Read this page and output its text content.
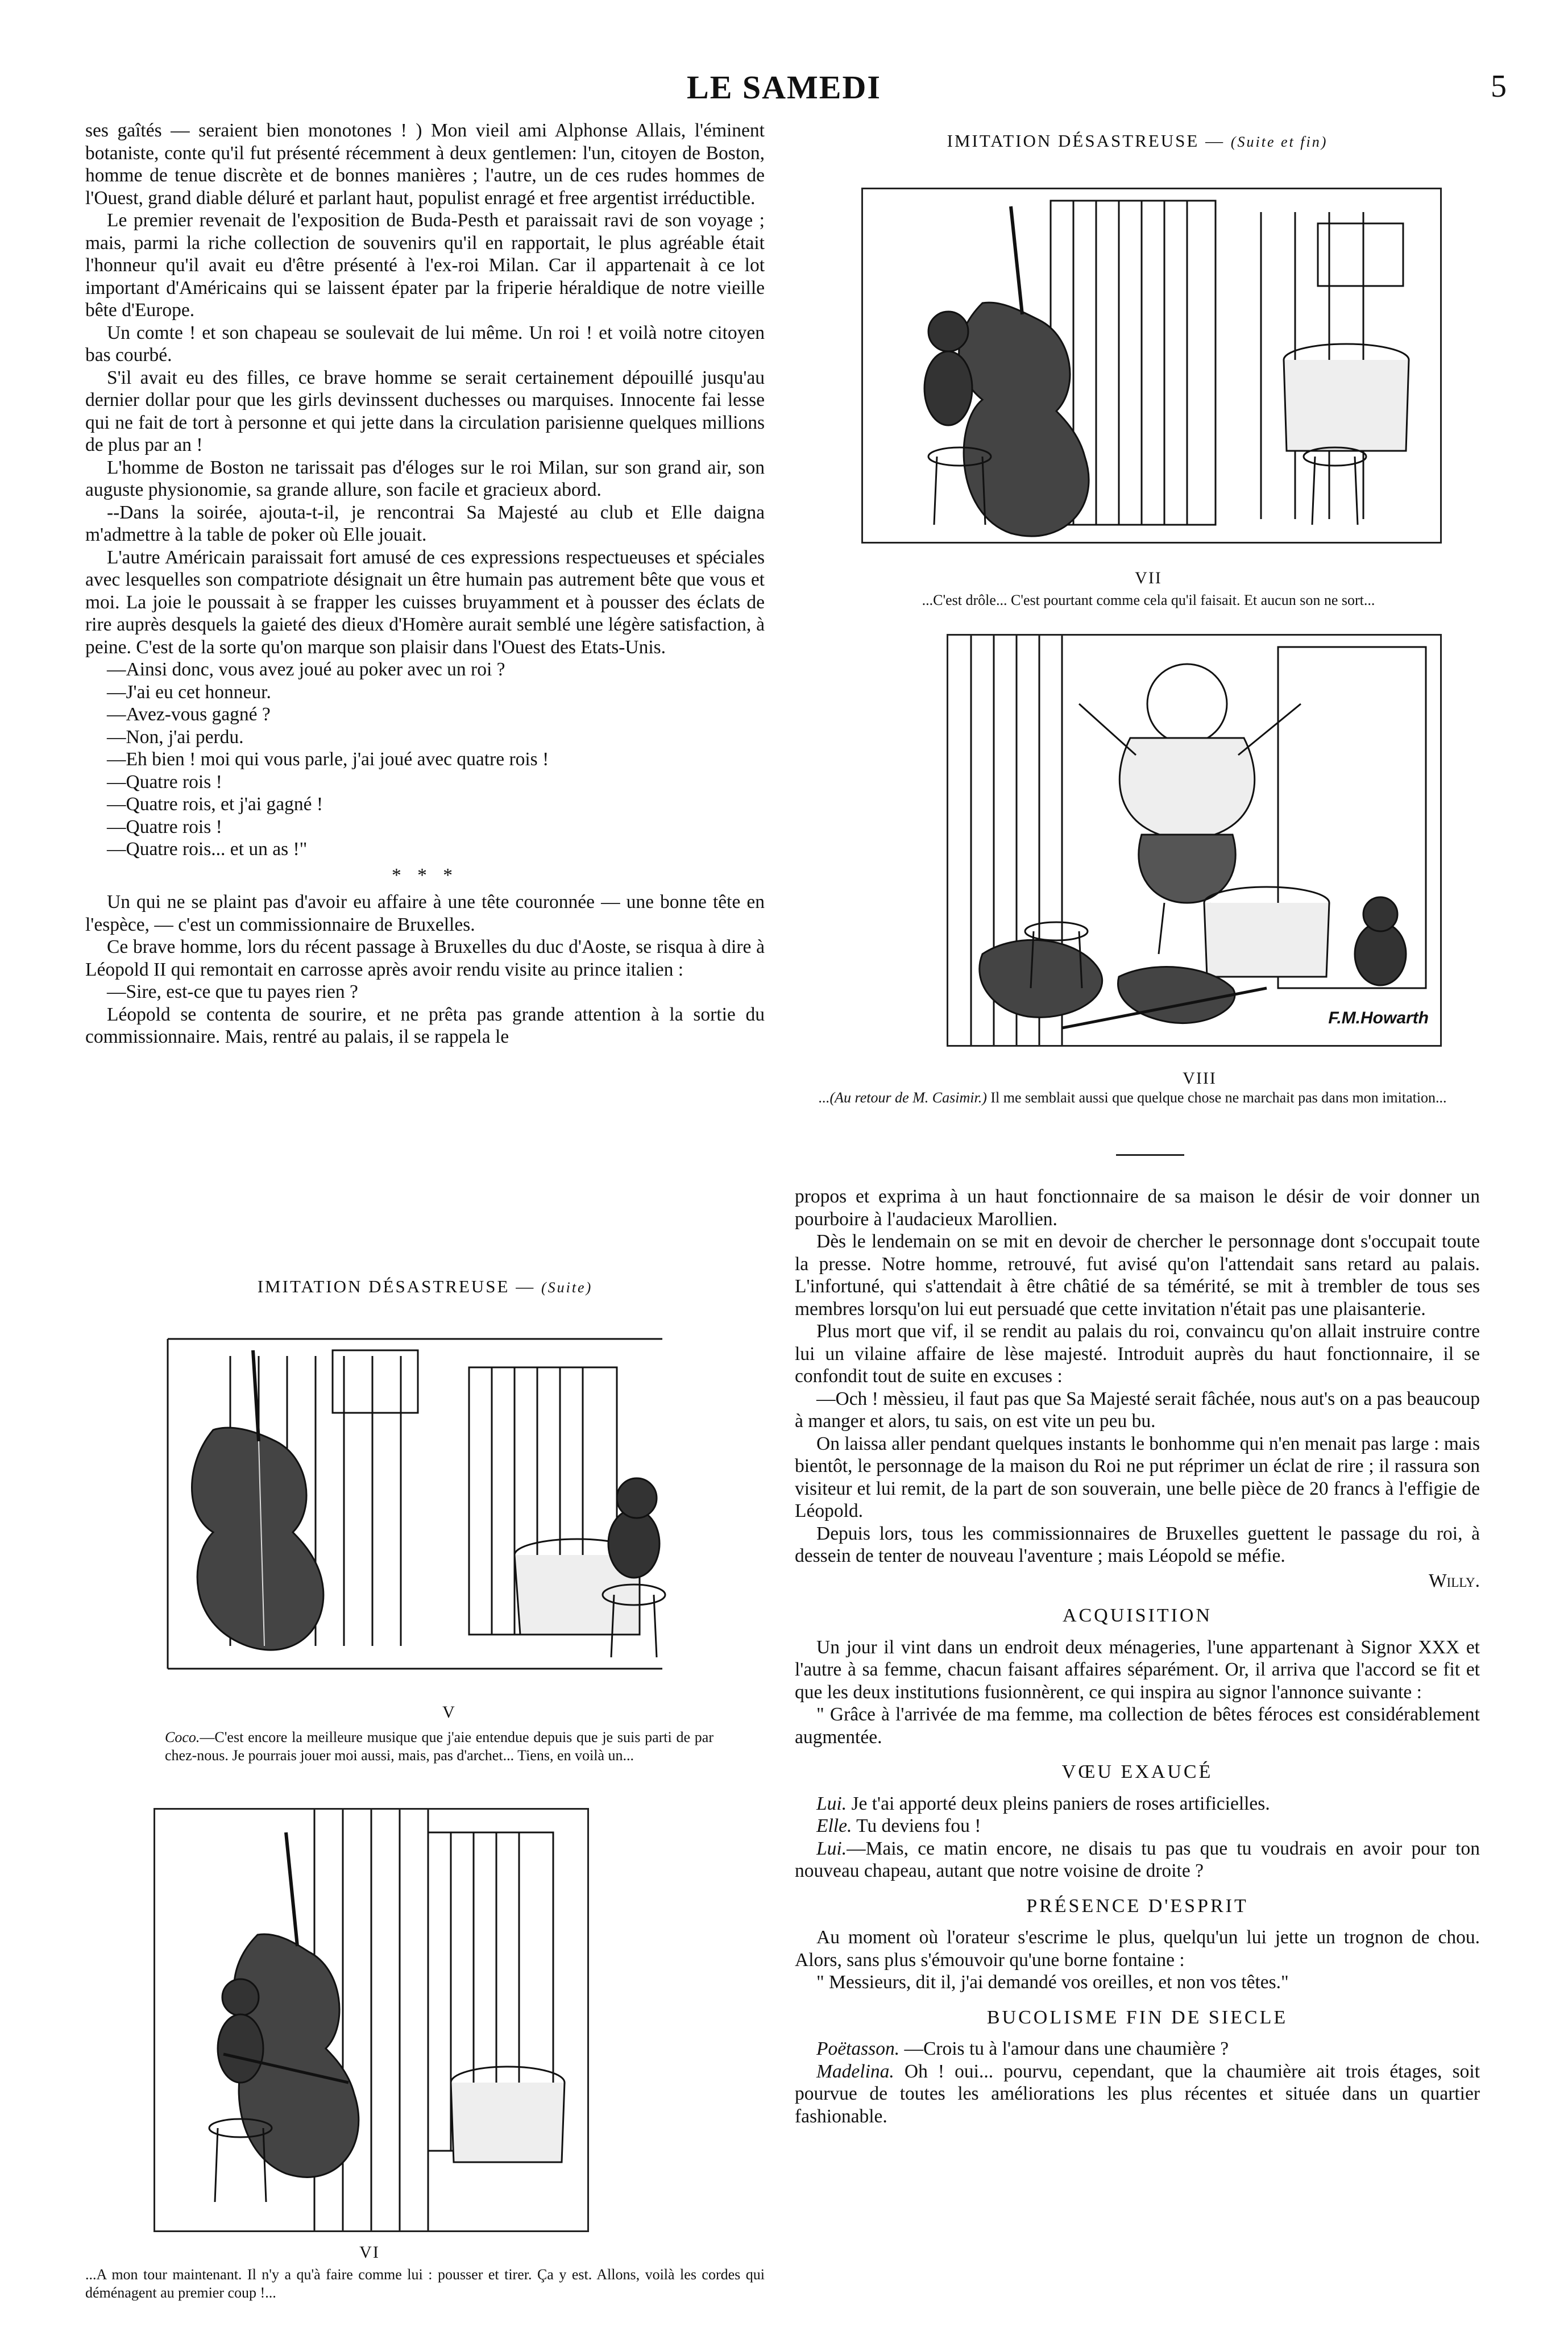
LE SAMEDI	5

ses gaîtés — seraient bien monotones ! ) Mon vieil ami Alphonse Allais, l'éminent botaniste, conte qu'il fut présenté récemment à deux gentlemen: l'un, citoyen de Boston, homme de tenue discrète et de bonnes manières ; l'autre, un de ces rudes hommes de l'Ouest, grand diable déluré et parlant haut, populist enragé et free argentist irréductible.

Le premier revenait de l'exposition de Buda-Pesth et paraissait ravi de son voyage ; mais, parmi la riche collection de souvenirs qu'il en rapportait, le plus agréable était l'honneur qu'il avait eu d'être présenté à l'ex-roi Milan. Car il appartenait à ce lot important d'Américains qui se laissent épater par la friperie héraldique de notre vieille bête d'Europe.

Un comte ! et son chapeau se soulevait de lui même. Un roi ! et voilà notre citoyen bas courbé.

S'il avait eu des filles, ce brave homme se serait certainement dépouillé jusqu'au dernier dollar pour que les girls devinssent duchesses ou marquises. Innocente fai lesse qui ne fait de tort à personne et qui jette dans la circulation parisienne quelques millions de plus par an !

L'homme de Boston ne tarissait pas d'éloges sur le roi Milan, sur son grand air, son auguste physionomie, sa grande allure, son facile et gracieux abord.

--Dans la soirée, ajouta-t-il, je rencontrai Sa Majesté au club et Elle daigna m'admettre à la table de poker où Elle jouait.

L'autre Américain paraissait fort amusé de ces expressions respectueuses et spéciales avec lesquelles son compatriote désignait un être humain pas autrement bête que vous et moi. La joie le poussait à se frapper les cuisses bruyamment et à pousser des éclats de rire auprès desquels la gaieté des dieux d'Homère aurait semblé une légère satisfaction, à peine. C'est de la sorte qu'on marque son plaisir dans l'Ouest des Etats-Unis.

—Ainsi donc, vous avez joué au poker avec un roi ?

—J'ai eu cet honneur.

—Avez-vous gagné ?

—Non, j'ai perdu.

—Eh bien ! moi qui vous parle, j'ai joué avec quatre rois !

—Quatre rois !

—Quatre rois, et j'ai gagné !

—Quatre rois !

—Quatre rois... et un as !"

* * *

Un qui ne se plaint pas d'avoir eu affaire à une tête couronnée — une bonne tête en l'espèce, — c'est un commissionnaire de Bruxelles.

Ce brave homme, lors du récent passage à Bruxelles du duc d'Aoste, se risqua à dire à Léopold II qui remontait en carrosse après avoir rendu visite au prince italien :

—Sire, est-ce que tu payes rien ?

Léopold se contenta de sourire, et ne prêta pas grande attention à la sortie du commissionnaire. Mais, rentré au palais, il se rappela le

IMITATION DÉSASTREUSE — (Suite)

V
Coco.—C'est encore la meilleure musique que j'aie entendue depuis que je suis parti de par chez-nous. Je pourrais jouer moi aussi, mais, pas d'archet... Tiens, en voilà un...
VI
...A mon tour maintenant. Il n'y a qu'à faire comme lui : pousser et tirer. Ça y est. Allons, voilà les cordes qui déménagent au premier coup !...

IMITATION DÉSASTREUSE — (Suite et fin)

VII
...C'est drôle... C'est pourtant comme cela qu'il faisait. Et aucun son ne sort...
F.M.Howarth
VIII
...(Au retour de M. Casimir.) Il me semblait aussi que quelque chose ne marchait pas dans mon imitation...

propos et exprima à un haut fonctionnaire de sa maison le désir de voir donner un pourboire à l'audacieux Marollien.

Dès le lendemain on se mit en devoir de chercher le personnage dont s'occupait toute la presse. Notre homme, retrouvé, fut avisé qu'on l'attendait sans retard au palais. L'infortuné, qui s'attendait à être châtié de sa témérité, se mit à trembler de tous ses membres lorsqu'on lui eut persuadé que cette invitation n'était pas une plaisanterie.

Plus mort que vif, il se rendit au palais du roi, convaincu qu'on allait instruire contre lui un vilaine affaire de lèse majesté. Introduit auprès du haut fonctionnaire, il se confondit tout de suite en excuses :

—Och ! mèssieu, il faut pas que Sa Majesté serait fâchée, nous aut's on a pas beaucoup à manger et alors, tu sais, on est vite un peu bu.

On laissa aller pendant quelques instants le bonhomme qui n'en menait pas large : mais bientôt, le personnage de la maison du Roi ne put réprimer un éclat de rire ; il rassura son visiteur et lui remit, de la part de son souverain, une belle pièce de 20 francs à l'effigie de Léopold.

Depuis lors, tous les commissionnaires de Bruxelles guettent le passage du roi, à dessein de tenter de nouveau l'aventure ; mais Léopold se méfie.

Willy.
ACQUISITION

Un jour il vint dans un endroit deux ménageries, l'une appartenant à Signor XXX et l'autre à sa femme, chacun faisant affaires séparément. Or, il arriva que l'accord se fit et que les deux institutions fusionnèrent, ce qui inspira au signor l'annonce suivante :

" Grâce à l'arrivée de ma femme, ma collection de bêtes féroces est considérablement augmentée.

VŒU EXAUCÉ

Lui. Je t'ai apporté deux pleins paniers de roses artificielles.

Elle. Tu deviens fou !

Lui.—Mais, ce matin encore, ne disais tu pas que tu voudrais en avoir pour ton nouveau chapeau, autant que notre voisine de droite ?

PRÉSENCE D'ESPRIT

Au moment où l'orateur s'escrime le plus, quelqu'un lui jette un trognon de chou. Alors, sans plus s'émouvoir qu'une borne fontaine :

" Messieurs, dit il, j'ai demandé vos oreilles, et non vos têtes."

BUCOLISME FIN DE SIECLE

Poëtasson. —Crois tu à l'amour dans une chaumière ?

Madelina. Oh ! oui... pourvu, cependant, que la chaumière ait trois étages, soit pourvue de toutes les améliorations les plus récentes et située dans un quartier fashionable.
